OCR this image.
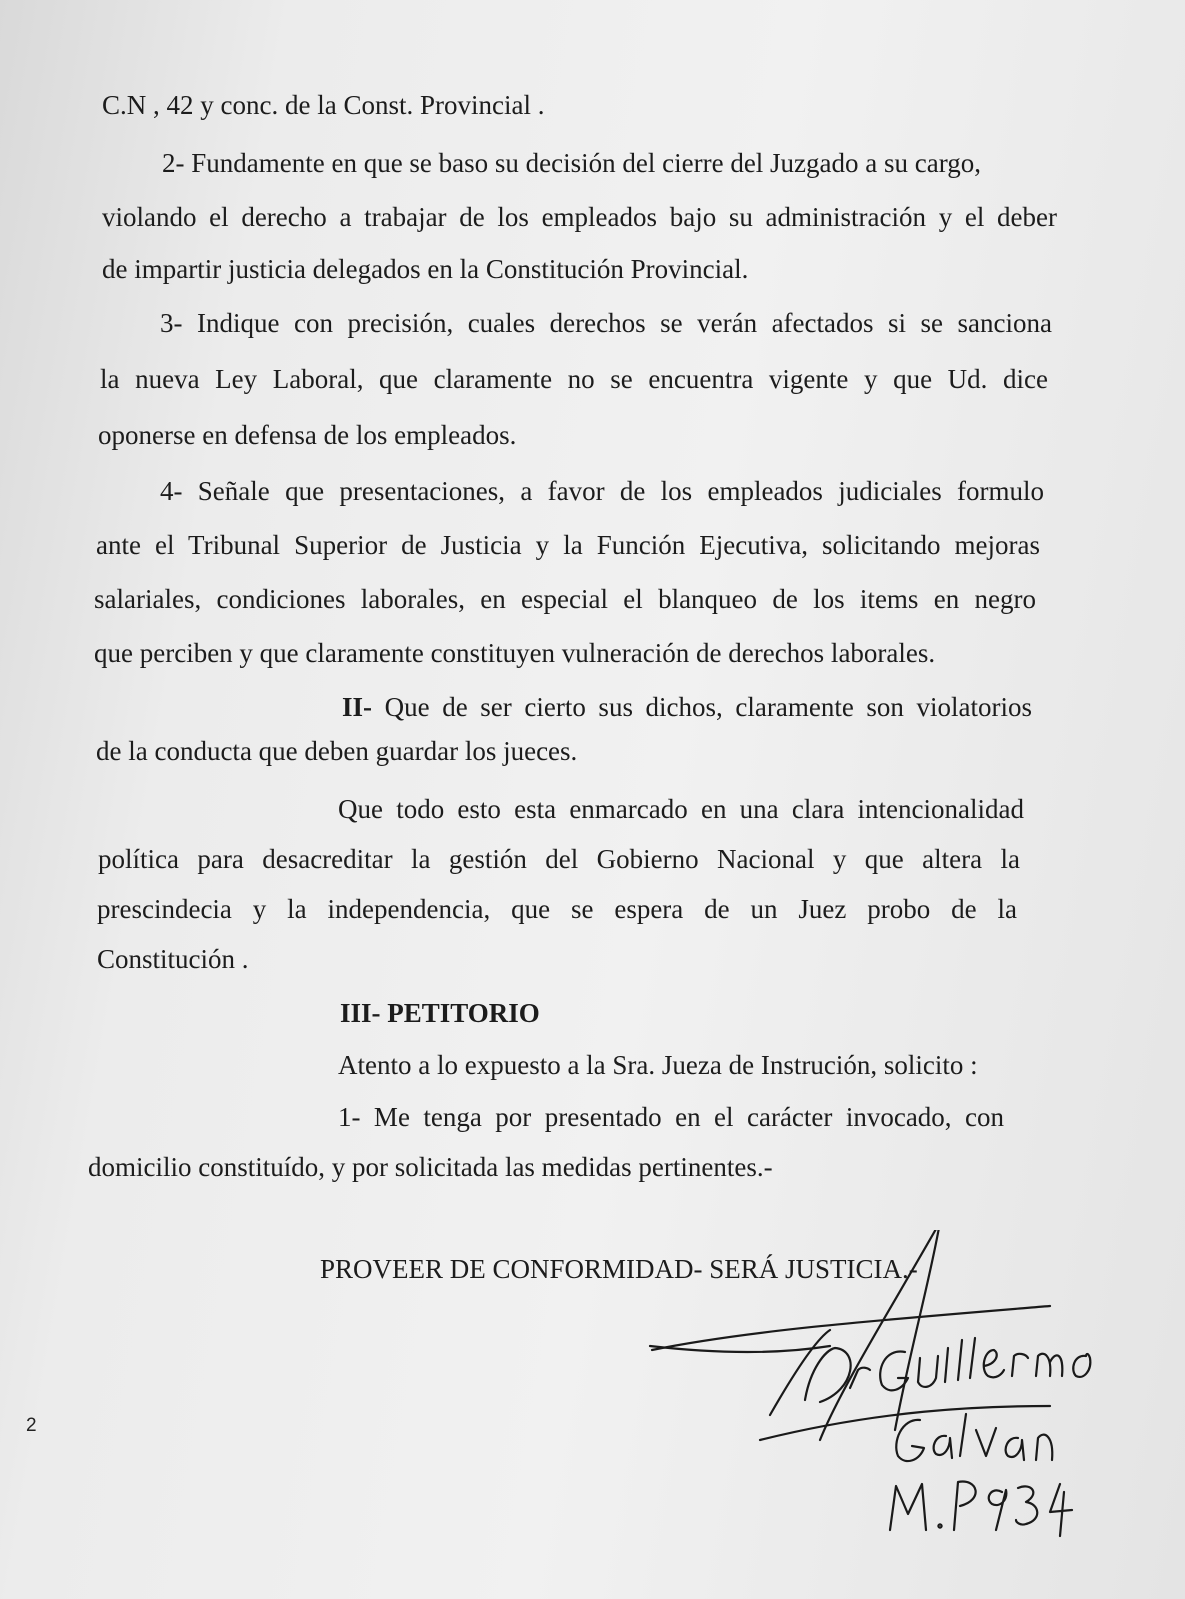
C.N , 42 y conc. de la Const. Provincial .

2- Fundamente en que se baso su decisión del cierre del Juzgado a su cargo,

violando el derecho a trabajar de los empleados bajo su administración y el deber

de impartir justicia delegados en la Constitución Provincial.

3- Indique con precisión, cuales derechos se verán afectados si se sanciona

la nueva Ley Laboral, que claramente no se encuentra vigente y que Ud. dice

oponerse en defensa de los empleados.

4- Señale que presentaciones, a favor de los empleados judiciales formulo

ante el Tribunal Superior de Justicia y la Función Ejecutiva, solicitando mejoras

salariales, condiciones laborales, en especial el blanqueo de los items en negro

que perciben y que claramente constituyen vulneración de derechos laborales.

II- Que de ser cierto sus dichos, claramente son violatorios

de la conducta que deben guardar los jueces.

Que todo esto esta enmarcado en una clara intencionalidad

política para desacreditar la gestión del Gobierno Nacional y que altera la

prescindecia y la independencia, que se espera de un Juez probo de la

Constitución .

III- PETITORIO

Atento a lo expuesto a la Sra. Jueza de Instrución, solicito :

1- Me tenga por presentado en el carácter invocado, con

domicilio constituído, y por solicitada las medidas pertinentes.-

PROVEER DE CONFORMIDAD- SERÁ JUSTICIA.-

2
